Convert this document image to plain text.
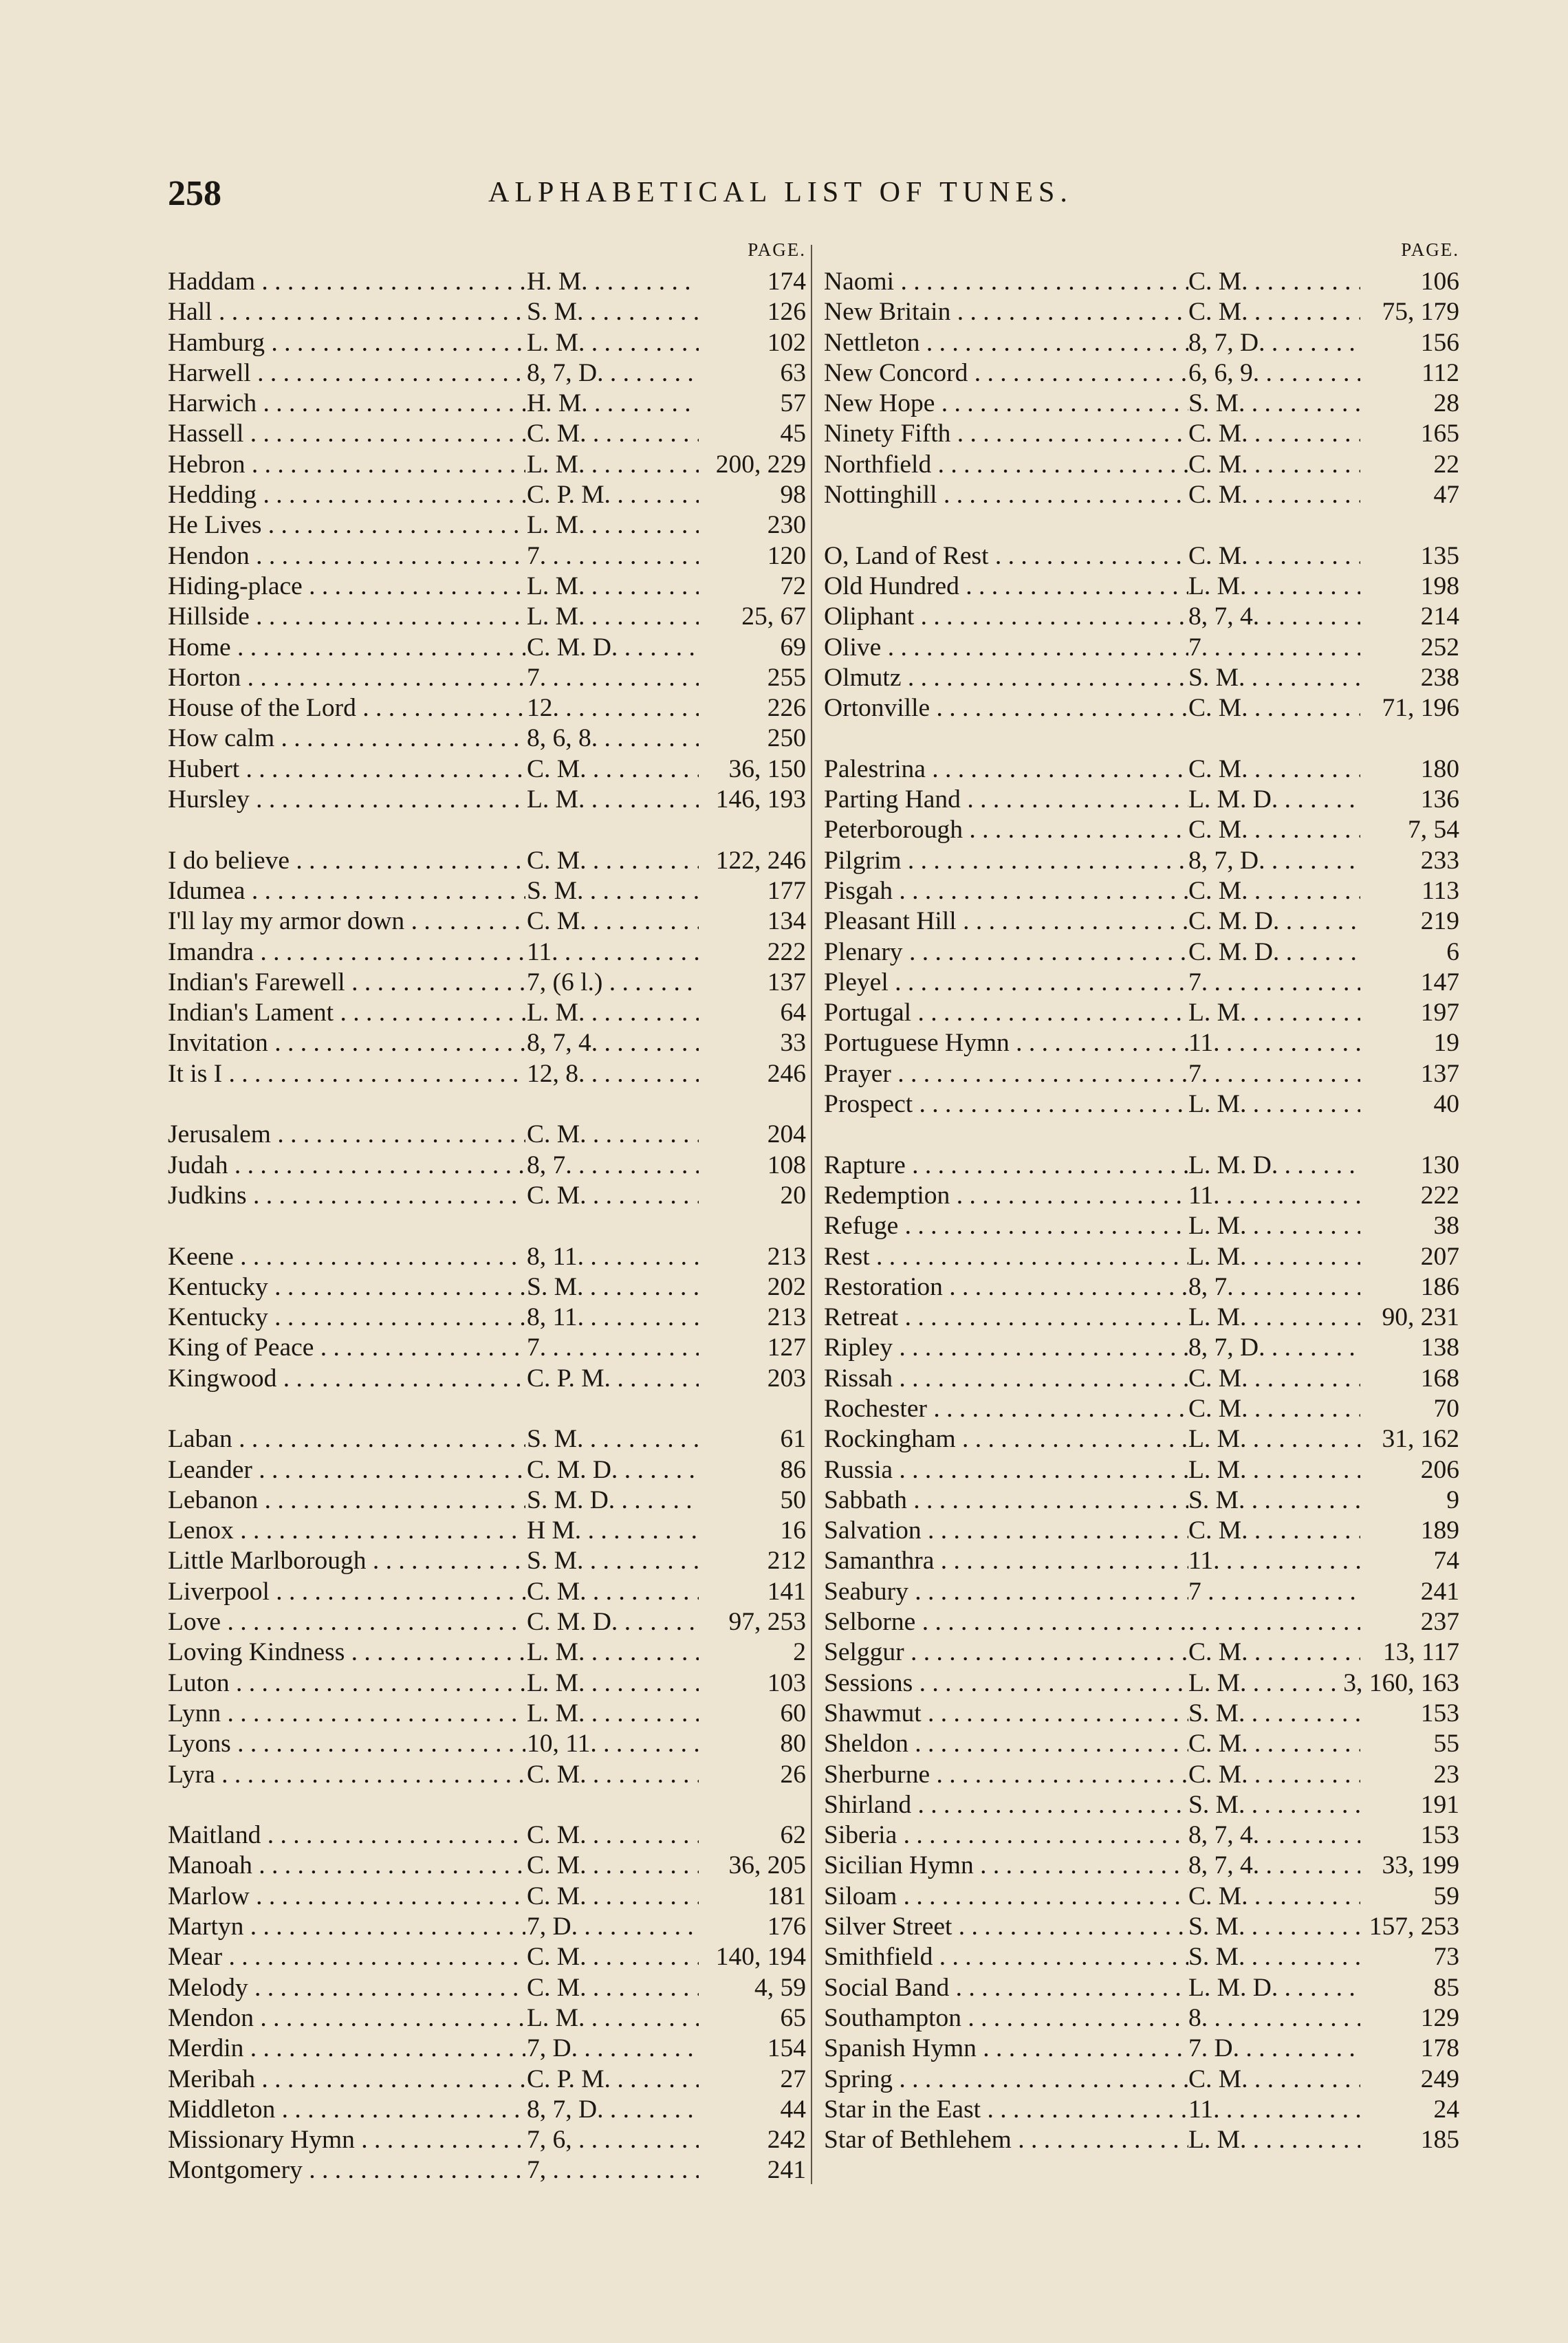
258	ALPHABETICAL LIST OF TUNES.
PAGE.
Haddam . . .	H. M. . . .	174
Hall . . .	S. M. . . .	126
Hamburg . . .	L. M. . . .	102
Harwell . . .	8, 7, D. . . .	63
Harwich . . .	H. M. . . .	57
Hassell . . .	C. M. . . .	45
Hebron . . .	L. M. . . .	200, 229
Hedding . . .	C. P. M. . . .	98
He Lives . . .	L. M. . . .	230
Hendon . . .	7. . . .	120
Hiding-place . . .	L. M. . . .	72
Hillside . . .	L. M. . . .	25, 67
Home . . .	C. M. D. . . .	69
Horton . . .	7. . . .	255
House of the Lord . . .	12. . . .	226
How calm . . .	8, 6, 8. . . .	250
Hubert . . .	C. M. . . .	36, 150
Hursley . . .	L. M. . . .	146, 193
I do believe . . .	C. M. . . .	122, 246
Idumea . . .	S. M. . . .	177
I'll lay my armor down . . .	C. M. . . .	134
Imandra . . .	11. . . .	222
Indian's Farewell . . .	7, (6 l.) . . .	137
Indian's Lament . . .	L. M. . . .	64
Invitation . . .	8, 7, 4. . . .	33
It is I . . .	12, 8. . . .	246
Jerusalem . . .	C. M. . . .	204
Judah . . .	8, 7. . . .	108
Judkins . . .	C. M. . . .	20
Keene . . .	8, 11. . . .	213
Kentucky . . .	S. M. . . .	202
Kentucky . . .	8, 11. . . .	213
King of Peace . . .	7. . . .	127
Kingwood . . .	C. P. M. . . .	203
Laban . . .	S. M. . . .	61
Leander . . .	C. M. D. . . .	86
Lebanon . . .	S. M. D. . . .	50
Lenox . . .	H M. . . .	16
Little Marlborough . . .	S. M. . . .	212
Liverpool . . .	C. M. . . .	141
Love . . .	C. M. D. . . .	97, 253
Loving Kindness . . .	L. M. . . .	2
Luton . . .	L. M. . . .	103
Lynn . . .	L. M. . . .	60
Lyons . . .	10, 11. . . .	80
Lyra . . .	C. M. . . .	26
Maitland . . .	C. M. . . .	62
Manoah . . .	C. M. . . .	36, 205
Marlow . . .	C. M. . . .	181
Martyn . . .	7, D. . . .	176
Mear . . .	C. M. . . .	140, 194
Melody . . .	C. M. . . .	4, 59
Mendon . . .	L. M. . . .	65
Merdin . . .	7, D. . . .	154
Meribah . . .	C. P. M. . . .	27
Middleton . . .	8, 7, D. . . .	44
Missionary Hymn . . .	7, 6, . . .	242
Montgomery . . .	7, . . .	241
PAGE.
Naomi . . .	C. M. . . .	106
New Britain . . .	C. M. . . .	75, 179
Nettleton . . .	8, 7, D. . . .	156
New Concord . . .	6, 6, 9. . . .	112
New Hope . . .	S. M. . . .	28
Ninety Fifth . . .	C. M. . . .	165
Northfield . . .	C. M. . . .	22
Nottinghill . . .	C. M. . . .	47
O, Land of Rest . . .	C. M. . . .	135
Old Hundred . . .	L. M. . . .	198
Oliphant . . .	8, 7, 4. . . .	214
Olive . . .	7. . . .	252
Olmutz . . .	S. M. . . .	238
Ortonville . . .	C. M. . . .	71, 196
Palestrina . . .	C. M. . . .	180
Parting Hand . . .	L. M. D. . . .	136
Peterborough . . .	C. M. . . .	7, 54
Pilgrim . . .	8, 7, D. . . .	233
Pisgah . . .	C. M. . . .	113
Pleasant Hill . . .	C. M. D. . . .	219
Plenary . . .	C. M. D. . . .	6
Pleyel . . .	7. . . .	147
Portugal . . .	L. M. . . .	197
Portuguese Hymn . . .	11. . . .	19
Prayer . . .	7. . . .	137
Prospect . . .	L. M. . . .	40
Rapture . . .	L. M. D. . . .	130
Redemption . . .	11. . . .	222
Refuge . . .	L. M. . . .	38
Rest . . .	L. M. . . .	207
Restoration . . .	8, 7. . . .	186
Retreat . . .	L. M. . . .	90, 231
Ripley . . .	8, 7, D. . . .	138
Rissah . . .	C. M. . . .	168
Rochester . . .	C. M. . . .	70
Rockingham . . .	L. M. . . .	31, 162
Russia . . .	L. M. . . .	206
Sabbath . . .	S. M. . . .	9
Salvation . . .	C. M. . . .	189
Samanthra . . .	11. . . .	74
Seabury . . .	7 . . .	241
Selborne . . . . . .	237
Selggur . . .	C. M. . . .	13, 117
Sessions . . .	L. M. . . .	3, 160, 163
Shawmut . . .	S. M. . . .	153
Sheldon . . .	C. M. . . .	55
Sherburne . . .	C. M. . . .	23
Shirland . . .	S. M. . . .	191
Siberia . . .	8, 7, 4. . . .	153
Sicilian Hymn . . .	8, 7, 4. . . .	33, 199
Siloam . . .	C. M. . . .	59
Silver Street . . .	S. M. . . .	157, 253
Smithfield . . .	S. M. . . .	73
Social Band . . .	L. M. D. . . .	85
Southampton . . .	8. . . .	129
Spanish Hymn . . .	7. D. . . .	178
Spring . . .	C. M. . . .	249
Star in the East . . .	11. . . .	24
Star of Bethlehem . . .	L. M. . . .	185
